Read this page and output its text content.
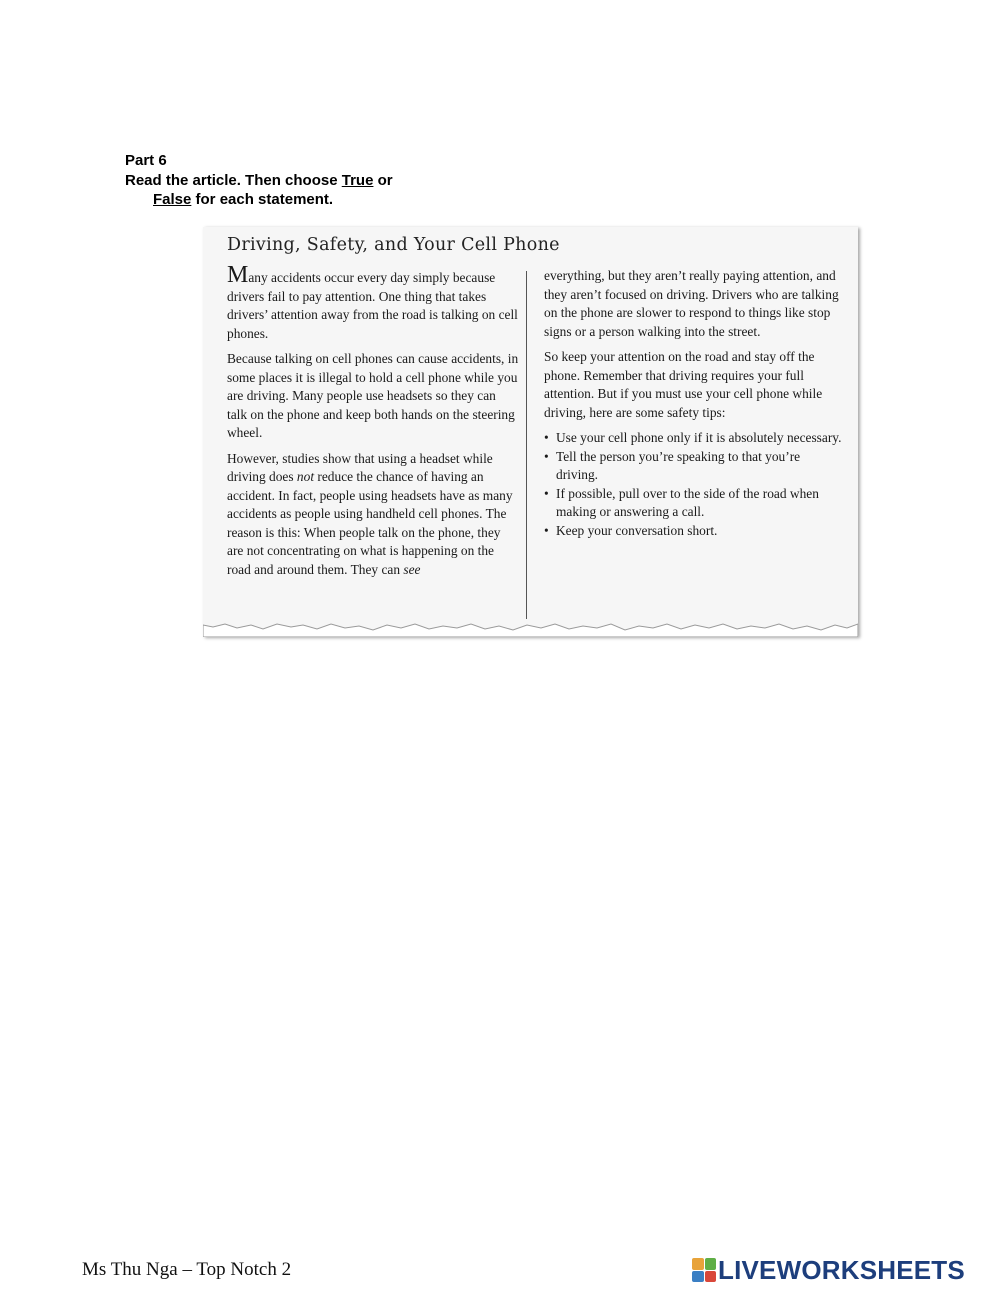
Part 6
Read the article. Then choose True or
False for each statement.
Driving, Safety, and Your Cell Phone

Many accidents occur every day simply because drivers fail to pay attention. One thing that takes drivers’ attention away from the road is talking on cell phones.

Because talking on cell phones can cause accidents, in some places it is illegal to hold a cell phone while you are driving. Many people use headsets so they can talk on the phone and keep both hands on the steering wheel.

However, studies show that using a headset while driving does not reduce the chance of having an accident. In fact, people using headsets have as many accidents as people using handheld cell phones. The reason is this: When people talk on the phone, they are not concentrating on what is happening on the road and around them. They can see

everything, but they aren’t really paying attention, and they aren’t focused on driving. Drivers who are talking on the phone are slower to respond to things like stop signs or a person walking into the street.

So keep your attention on the road and stay off the phone. Remember that driving requires your full attention. But if you must use your cell phone while driving, here are some safety tips:

• Use your cell phone only if it is absolutely necessary.
• Tell the person you’re speaking to that you’re driving.
• If possible, pull over to the side of the road when making or answering a call.
• Keep your conversation short.
Ms Thu Nga – Top Notch 2	LIVEWORKSHEETS
